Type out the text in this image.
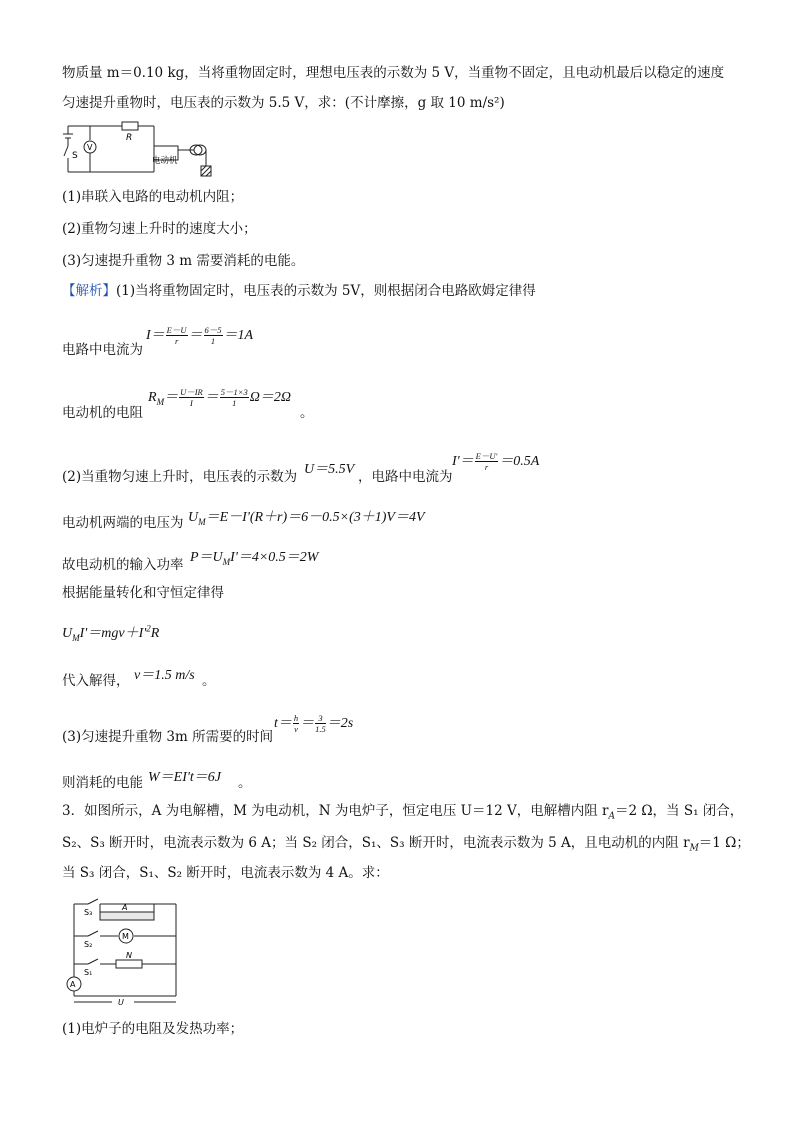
物质量 m＝0.10 kg，当将重物固定时，理想电压表的示数为 5 V，当重物不固定，且电动机最后以稳定的速度
匀速提升重物时，电压表的示数为 5.5 V，求：(不计摩擦，g 取 10 m/s²)
R
V
S	电动机
(1)串联入电路的电动机内阻；
(2)重物匀速上升时的速度大小；
(3)匀速提升重物 3 m 需要消耗的电能。
【解析】(1)当将重物固定时，电压表的示数为 5V，则根据闭合电路欧姆定律得
$I= \frac{E-U}{r} = \frac{6-5}{1} =1A$
电路中电流为
$R_M= \frac{U-IR}{I} = \frac{5-1\times 3}{1} \Omega=2\Omega$
电动机的电阻	。
(2)当重物匀速上升时，电压表的示数为 U＝5.5V ，电路中电流为
$I'= \frac{E-U'}{r} =0.5A$
电动机两端的电压为 $U_M=E-I'(R+r)=6-0.5\times(3+1)V=4V$
故电动机的输入功率 $P=U_MI'=4\times 0.5=2W$
根据能量转化和守恒定律得
$U_MI'=mgv+I'^2R$
代入解得， v＝1.5 m/s 。
$t= \frac{h}{v} = \frac{3}{1.5} =2s$
(3)匀速提升重物 3m 所需要的时间
则消耗的电能 W＝EI't＝6J 。
3．如图所示，A 为电解槽，M 为电动机，N 为电炉子，恒定电压 U＝12 V，电解槽内阻 $r_A=2$ Ω，当 S₁ 闭合，
S₂、S₃ 断开时，电流表示数为 6 A；当 S₂ 闭合，S₁、S₃ 断开时，电流表示数为 5 A，且电动机的内阻 $r_M=1$ Ω；
当 S₃ 闭合，S₁、S₂ 断开时，电流表示数为 4 A。求：
S₃
A
S₂
M
S₁
N
A
U
(1)电炉子的电阻及发热功率；
